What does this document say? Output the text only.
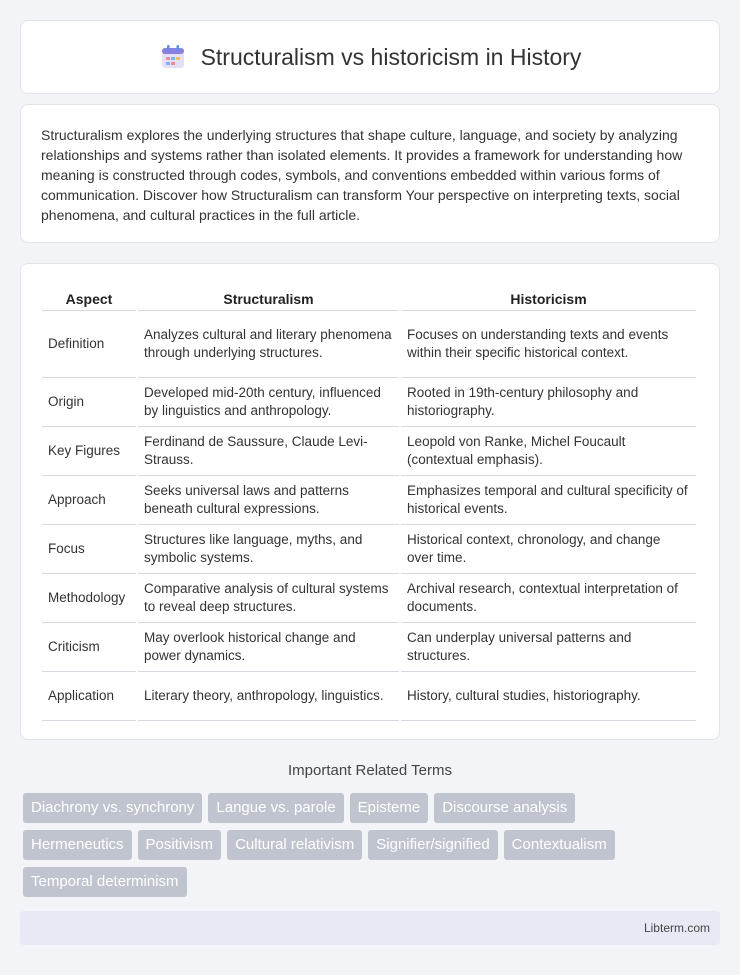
Structuralism vs historicism in History

Structuralism explores the underlying structures that shape culture, language, and society by analyzing relationships and systems rather than isolated elements. It provides a framework for understanding how meaning is constructed through codes, symbols, and conventions embedded within various forms of communication. Discover how Structuralism can transform Your perspective on interpreting texts, social phenomena, and cultural practices in the full article.

Aspect	Structuralism	Historicism
Definition	Analyzes cultural and literary phenomena through underlying structures.	Focuses on understanding texts and events within their specific historical context.
Origin	Developed mid-20th century, influenced by linguistics and anthropology.	Rooted in 19th-century philosophy and historiography.
Key Figures	Ferdinand de Saussure, Claude Levi-Strauss.	Leopold von Ranke, Michel Foucault (contextual emphasis).
Approach	Seeks universal laws and patterns beneath cultural expressions.	Emphasizes temporal and cultural specificity of historical events.
Focus	Structures like language, myths, and symbolic systems.	Historical context, chronology, and change over time.
Methodology	Comparative analysis of cultural systems to reveal deep structures.	Archival research, contextual interpretation of documents.
Criticism	May overlook historical change and power dynamics.	Can underplay universal patterns and structures.
Application	Literary theory, anthropology, linguistics.	History, cultural studies, historiography.
Important Related Terms
Diachrony vs. synchrony	Langue vs. parole	Episteme	Discourse analysis
Hermeneutics	Positivism	Cultural relativism	Signifier/signified	Contextualism
Temporal determinism
Libterm.com
